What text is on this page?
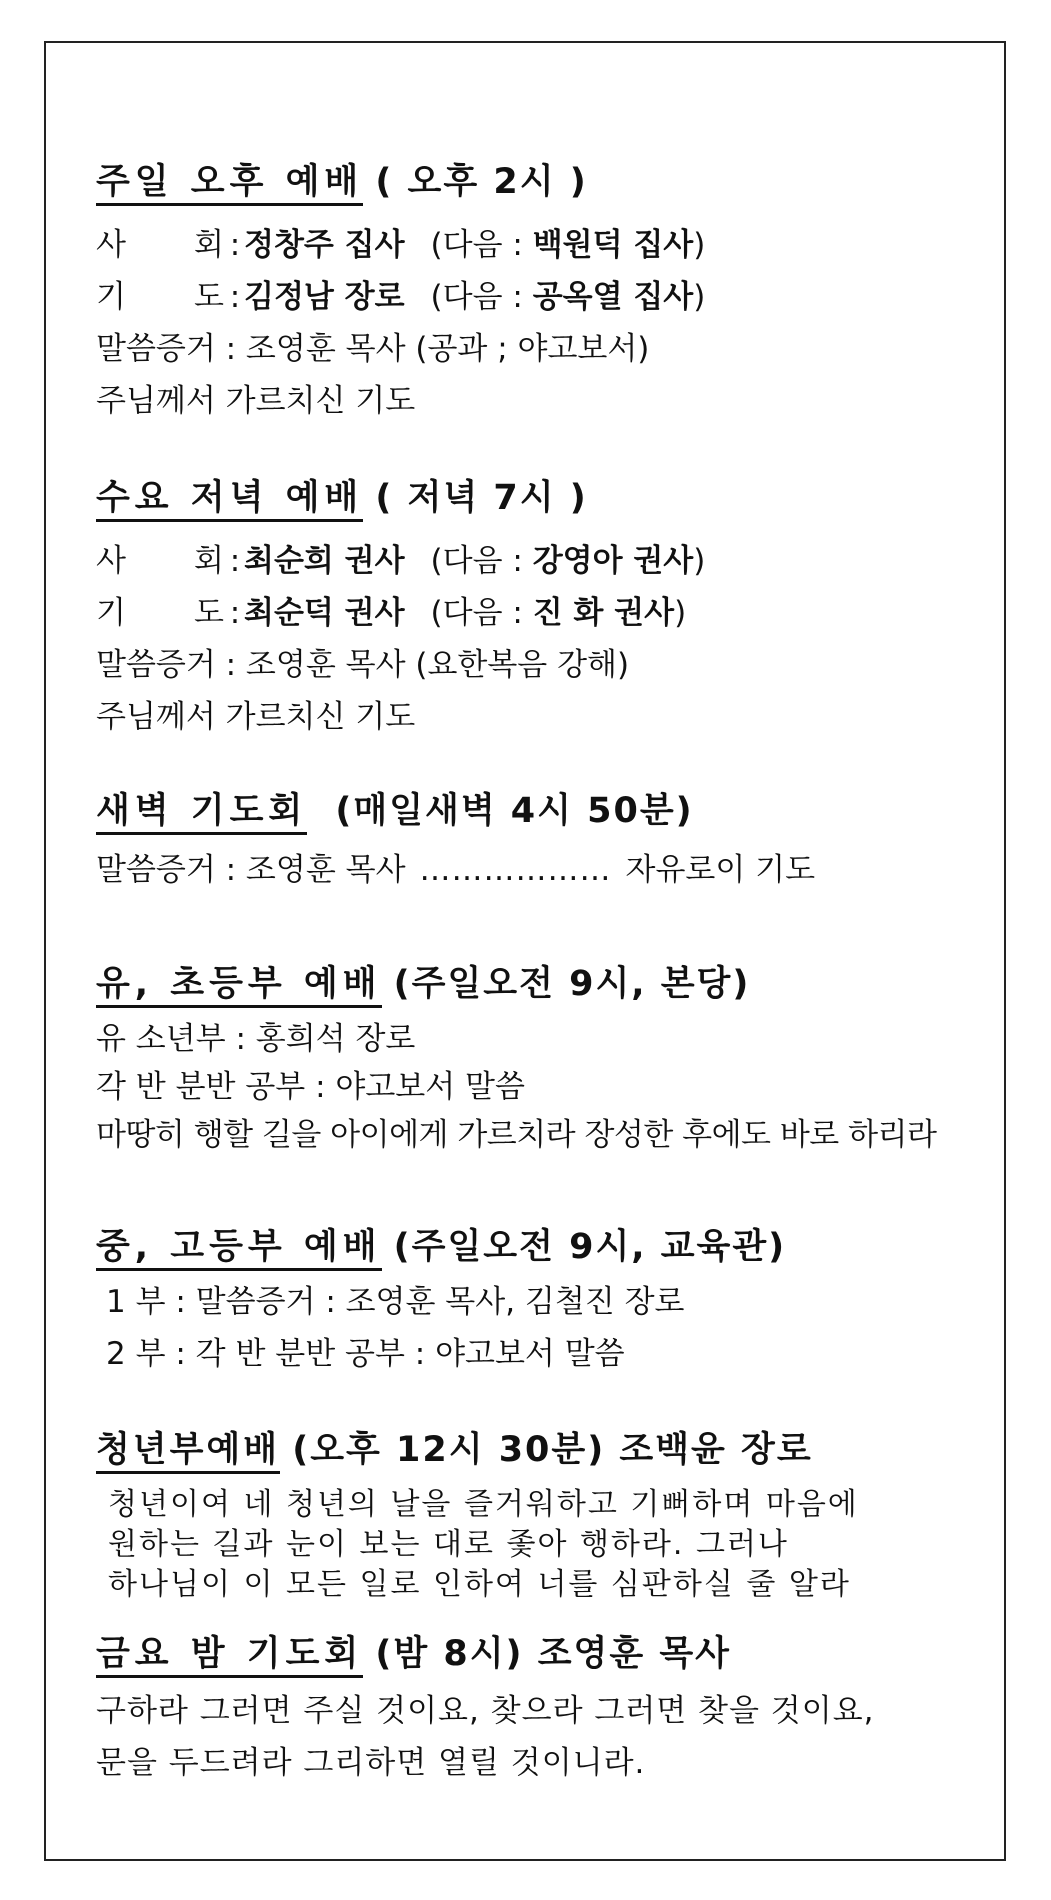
주일 오후 예배 ( 오후 2시 )
사 회 : 정창주 집사 (다음 : 백원덕 집사)
기 도 : 김정남 장로 (다음 : 공옥열 집사)
말씀증거 : 조영훈 목사 (공과 ; 야고보서)
주님께서 가르치신 기도
수요 저녁 예배 ( 저녁 7시 )
사 회 : 최순희 권사 (다음 : 강영아 권사)
기 도 : 최순덕 권사 (다음 : 진 화 권사)
말씀증거 : 조영훈 목사 (요한복음 강해)
주님께서 가르치신 기도
새벽 기도회 (매일새벽 4시 50분)
말씀증거 : 조영훈 목사 ……………… 자유로이 기도
유, 초등부 예배 (주일오전 9시, 본당)
유 소년부 : 홍희석 장로
각 반 분반 공부 : 야고보서 말씀
마땅히 행할 길을 아이에게 가르치라 장성한 후에도 바로 하리라
중, 고등부 예배 (주일오전 9시, 교육관)
1 부 : 말씀증거 : 조영훈 목사, 김철진 장로
2 부 : 각 반 분반 공부 : 야고보서 말씀
청년부예배 (오후 12시 30분) 조백윤 장로
청년이여 네 청년의 날을 즐거워하고 기뻐하며 마음에
원하는 길과 눈이 보는 대로 좇아 행하라. 그러나
하나님이 이 모든 일로 인하여 너를 심판하실 줄 알라
금요 밤 기도회 (밤 8시) 조영훈 목사
구하라 그러면 주실 것이요, 찾으라 그러면 찾을 것이요,
문을 두드려라 그리하면 열릴 것이니라.
